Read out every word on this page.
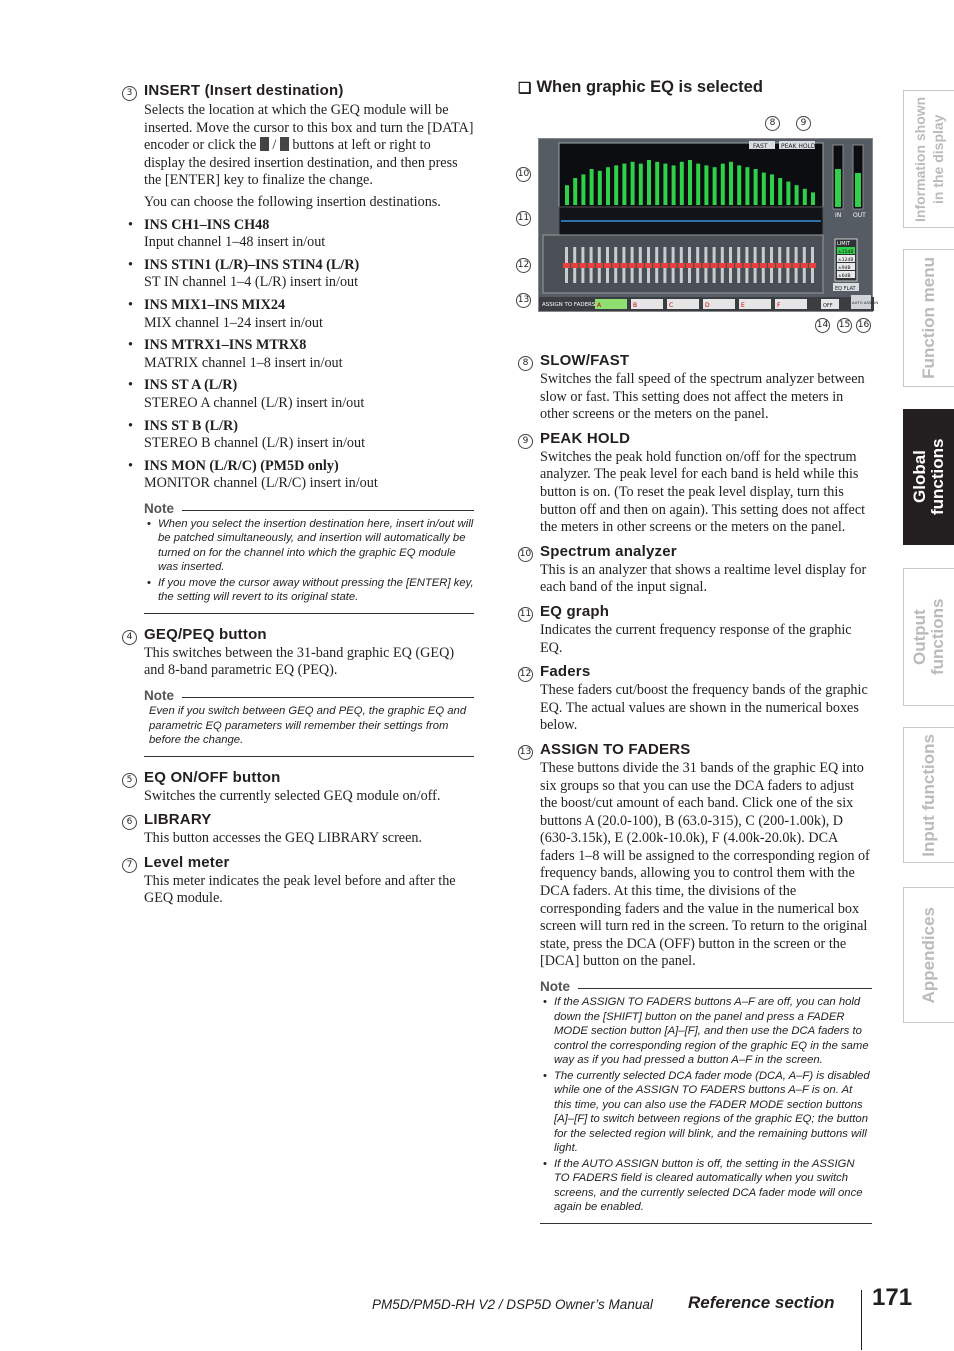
3 INSERT (Insert destination)
Selects the location at which the GEQ module will be inserted. Move the cursor to this box and turn the [DATA] encoder or click the  /  buttons at left or right to display the desired insertion destination, and then press the [ENTER] key to finalize the change.
You can choose the following insertion destinations.
• INS CH1–INS CH48
Input channel 1–48 insert in/out
• INS STIN1 (L/R)–INS STIN4 (L/R)
ST IN channel 1–4 (L/R) insert in/out
• INS MIX1–INS MIX24
MIX channel 1–24 insert in/out
• INS MTRX1–INS MTRX8
MATRIX channel 1–8 insert in/out
• INS ST A (L/R)
STEREO A channel (L/R) insert in/out
• INS ST B (L/R)
STEREO B channel (L/R) insert in/out
• INS MON (L/R/C) (PM5D only)
MONITOR channel (L/R/C) insert in/out
Note
• When you select the insertion destination here, insert in/out will be patched simultaneously, and insertion will automatically be turned on for the channel into which the graphic EQ module was inserted.
• If you move the cursor away without pressing the [ENTER] key, the setting will revert to its original state.
4 GEQ/PEQ button
This switches between the 31-band graphic EQ (GEQ) and 8-band parametric EQ (PEQ).
Note
Even if you switch between GEQ and PEQ, the graphic EQ and parametric EQ parameters will remember their settings from before the change.
5 EQ ON/OFF button
Switches the currently selected GEQ module on/off.
6 LIBRARY
This button accesses the GEQ LIBRARY screen.
7 Level meter
This meter indicates the peak level before and after the GEQ module.
❏ When graphic EQ is selected
FAST PEAK HOLD
IN OUT
LIMIT
±15dB
±12dB
±9dB
±6dB
EQ FLAT
ASSIGN TO FADERS A	B	C	D	E	F	OFF
AUTO ASSIGN
8	9
10
11
12
13
14 15 16
8 SLOW/FAST
Switches the fall speed of the spectrum analyzer between slow or fast. This setting does not affect the meters in other screens or the meters on the panel.
9 PEAK HOLD
Switches the peak hold function on/off for the spectrum analyzer. The peak level for each band is held while this button is on. (To reset the peak level display, turn this button off and then on again). This setting does not affect the meters in other screens or the meters on the panel.
10 Spectrum analyzer
This is an analyzer that shows a realtime level display for each band of the input signal.
11 EQ graph
Indicates the current frequency response of the graphic EQ.
12 Faders
These faders cut/boost the frequency bands of the graphic EQ. The actual values are shown in the numerical boxes below.
13 ASSIGN TO FADERS
These buttons divide the 31 bands of the graphic EQ into six groups so that you can use the DCA faders to adjust the boost/cut amount of each band. Click one of the six buttons A (20.0-100), B (63.0-315), C (200-1.00k), D (630-3.15k), E (2.00k-10.0k), F (4.00k-20.0k). DCA faders 1–8 will be assigned to the corresponding region of frequency bands, allowing you to control them with the DCA faders. At this time, the divisions of the corresponding faders and the value in the numerical box screen will turn red in the screen. To return to the original state, press the DCA (OFF) button in the screen or the [DCA] button on the panel.
Note
• If the ASSIGN TO FADERS buttons A–F are off, you can hold down the [SHIFT] button on the panel and press a FADER MODE section button [A]–[F], and then use the DCA faders to control the corresponding region of the graphic EQ in the same way as if you had pressed a button A–F in the screen.
• The currently selected DCA fader mode (DCA, A–F) is disabled while one of the ASSIGN TO FADERS buttons A–F is on. At this time, you can also use the FADER MODE section buttons [A]–[F] to switch between regions of the graphic EQ; the button for the selected region will blink, and the remaining buttons will light.
• If the AUTO ASSIGN button is off, the setting in the ASSIGN TO FADERS field is cleared automatically when you switch screens, and the currently selected DCA fader mode will once again be enabled.
Information shown in the display
Function menu
Global functions
Output functions
Input functions
Appendices
PM5D/PM5D-RH V2 / DSP5D Owner’s Manual Reference section 171
